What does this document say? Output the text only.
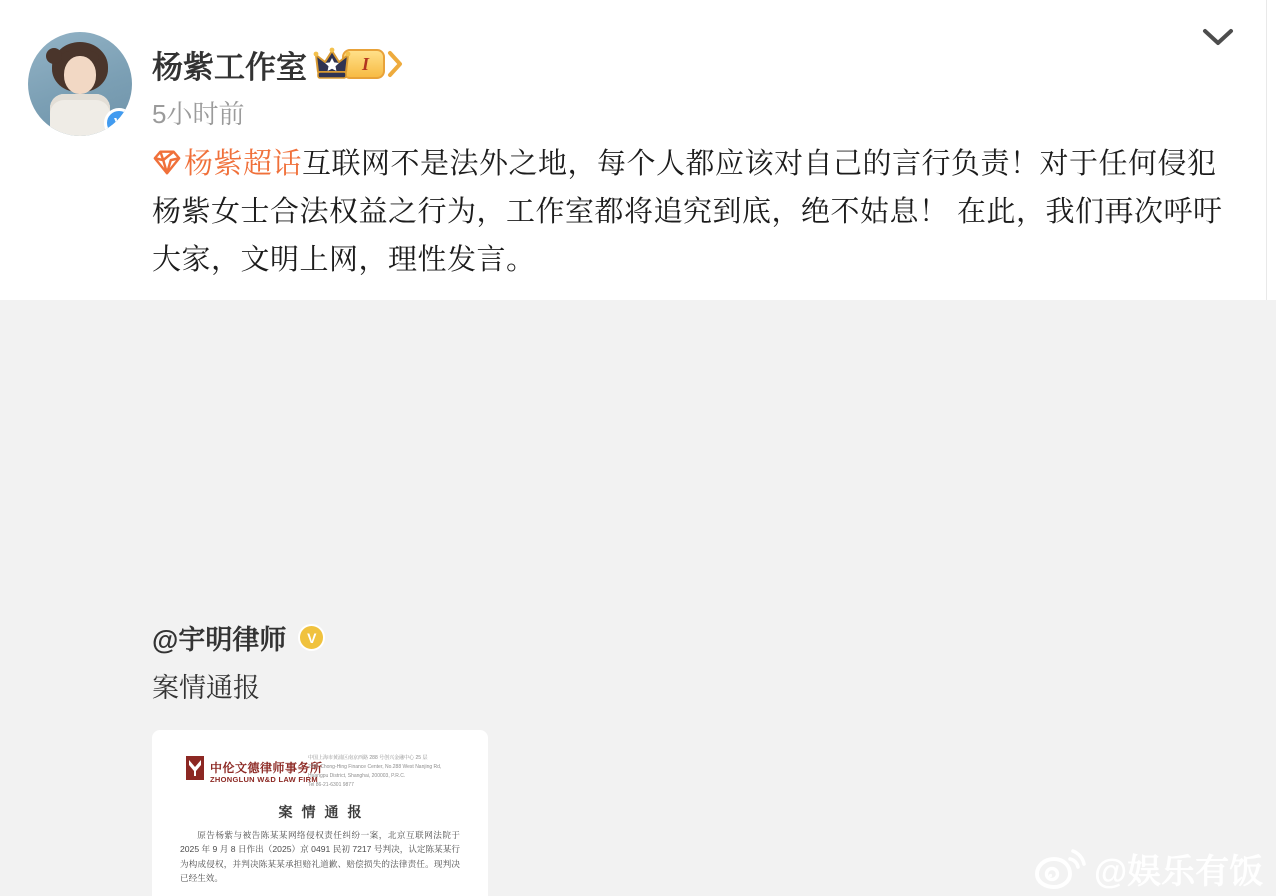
V
杨紫工作室	I
5小时前
杨紫超话互联网不是法外之地，每个人都应该对自己的言行负责！对于任何侵犯杨紫女士合法权益之行为，工作室都将追究到底，绝不姑息！ 在此，我们再次呼吁大家，文明上网，理性发言。
@宇明律师	V
案情通报
中伦文德律师事务所
ZHONGLUN W&D LAW FIRM
中国上海市黄浦区南京西路 288 号创兴金融中心 25 层
25/F, Chong-Hing Finance Center, No.288 West Nanjing Rd,
Huangpu District, Shanghai, 200003, P.R.C.
Tel 86-21-6301 9877
案情通报

原告杨紫与被告陈某某网络侵权责任纠纷一案，北京互联网法院于 2025 年 9 月 8 日作出（2025）京 0491 民初 7217 号判决，认定陈某某行为构成侵权，并判决陈某某承担赔礼道歉、赔偿损失的法律责任。现判决已经生效。	@娱乐有饭
